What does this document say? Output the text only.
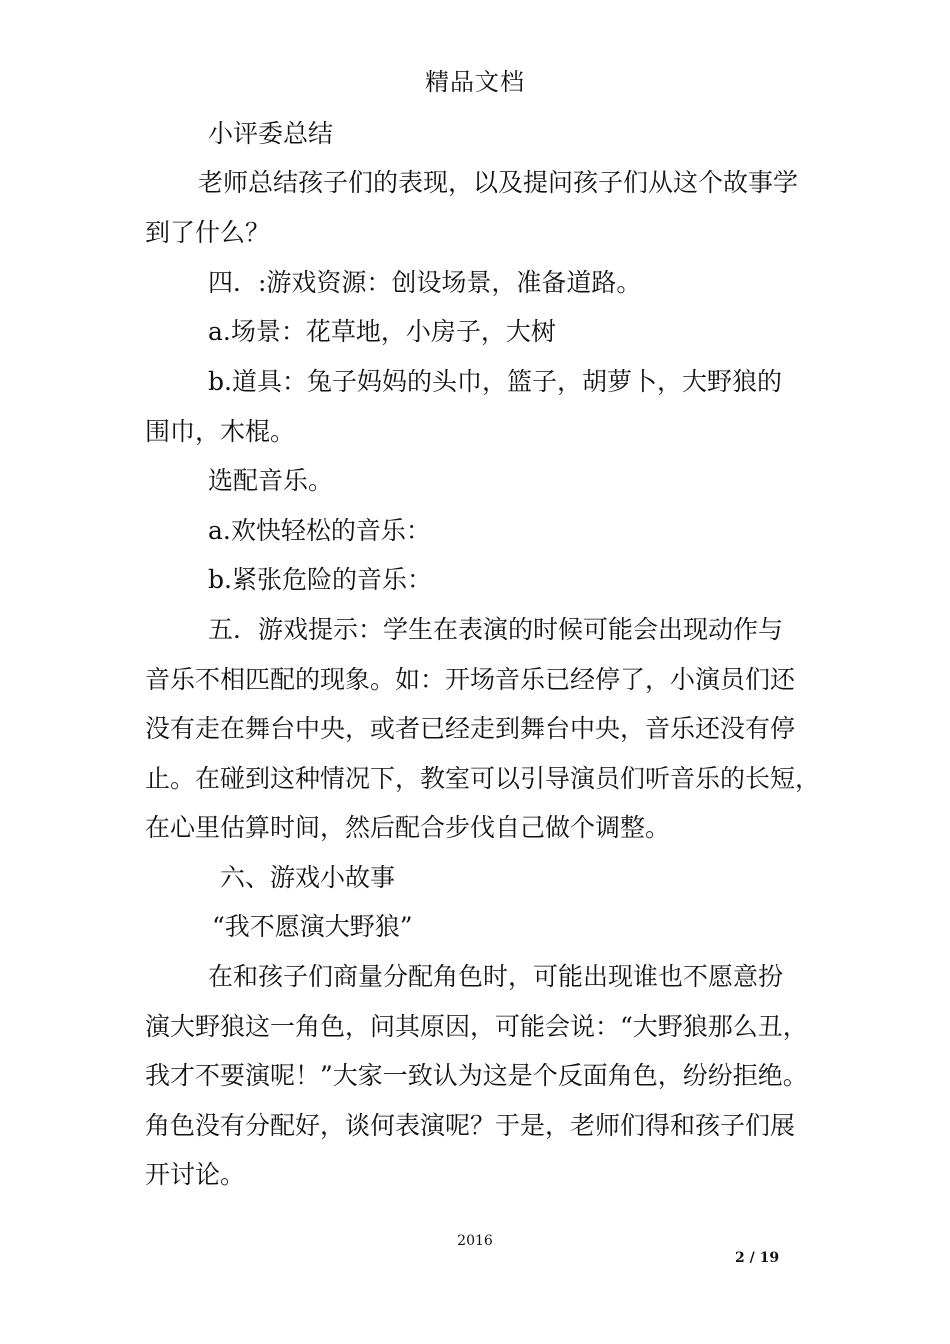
精品文档
小评委总结
老师总结孩子们的表现，以及提问孩子们从这个故事学
到了什么？
四．:游戏资源：创设场景，准备道路。
a.场景：花草地，小房子，大树
b.道具：兔子妈妈的头巾，篮子，胡萝卜，大野狼的
围巾，木棍。
选配音乐。
a.欢快轻松的音乐：
b.紧张危险的音乐：
五．游戏提示：学生在表演的时候可能会出现动作与
音乐不相匹配的现象。如：开场音乐已经停了，小演员们还
没有走在舞台中央，或者已经走到舞台中央，音乐还没有停
止。在碰到这种情况下，教室可以引导演员们听音乐的长短，
在心里估算时间，然后配合步伐自己做个调整。
六、游戏小故事
“我不愿演大野狼”
在和孩子们商量分配角色时，可能出现谁也不愿意扮
演大野狼这一角色，问其原因，可能会说：“大野狼那么丑，
我才不要演呢！”大家一致认为这是个反面角色，纷纷拒绝。
角色没有分配好，谈何表演呢？于是，老师们得和孩子们展
开讨论。
2016
2 / 19
